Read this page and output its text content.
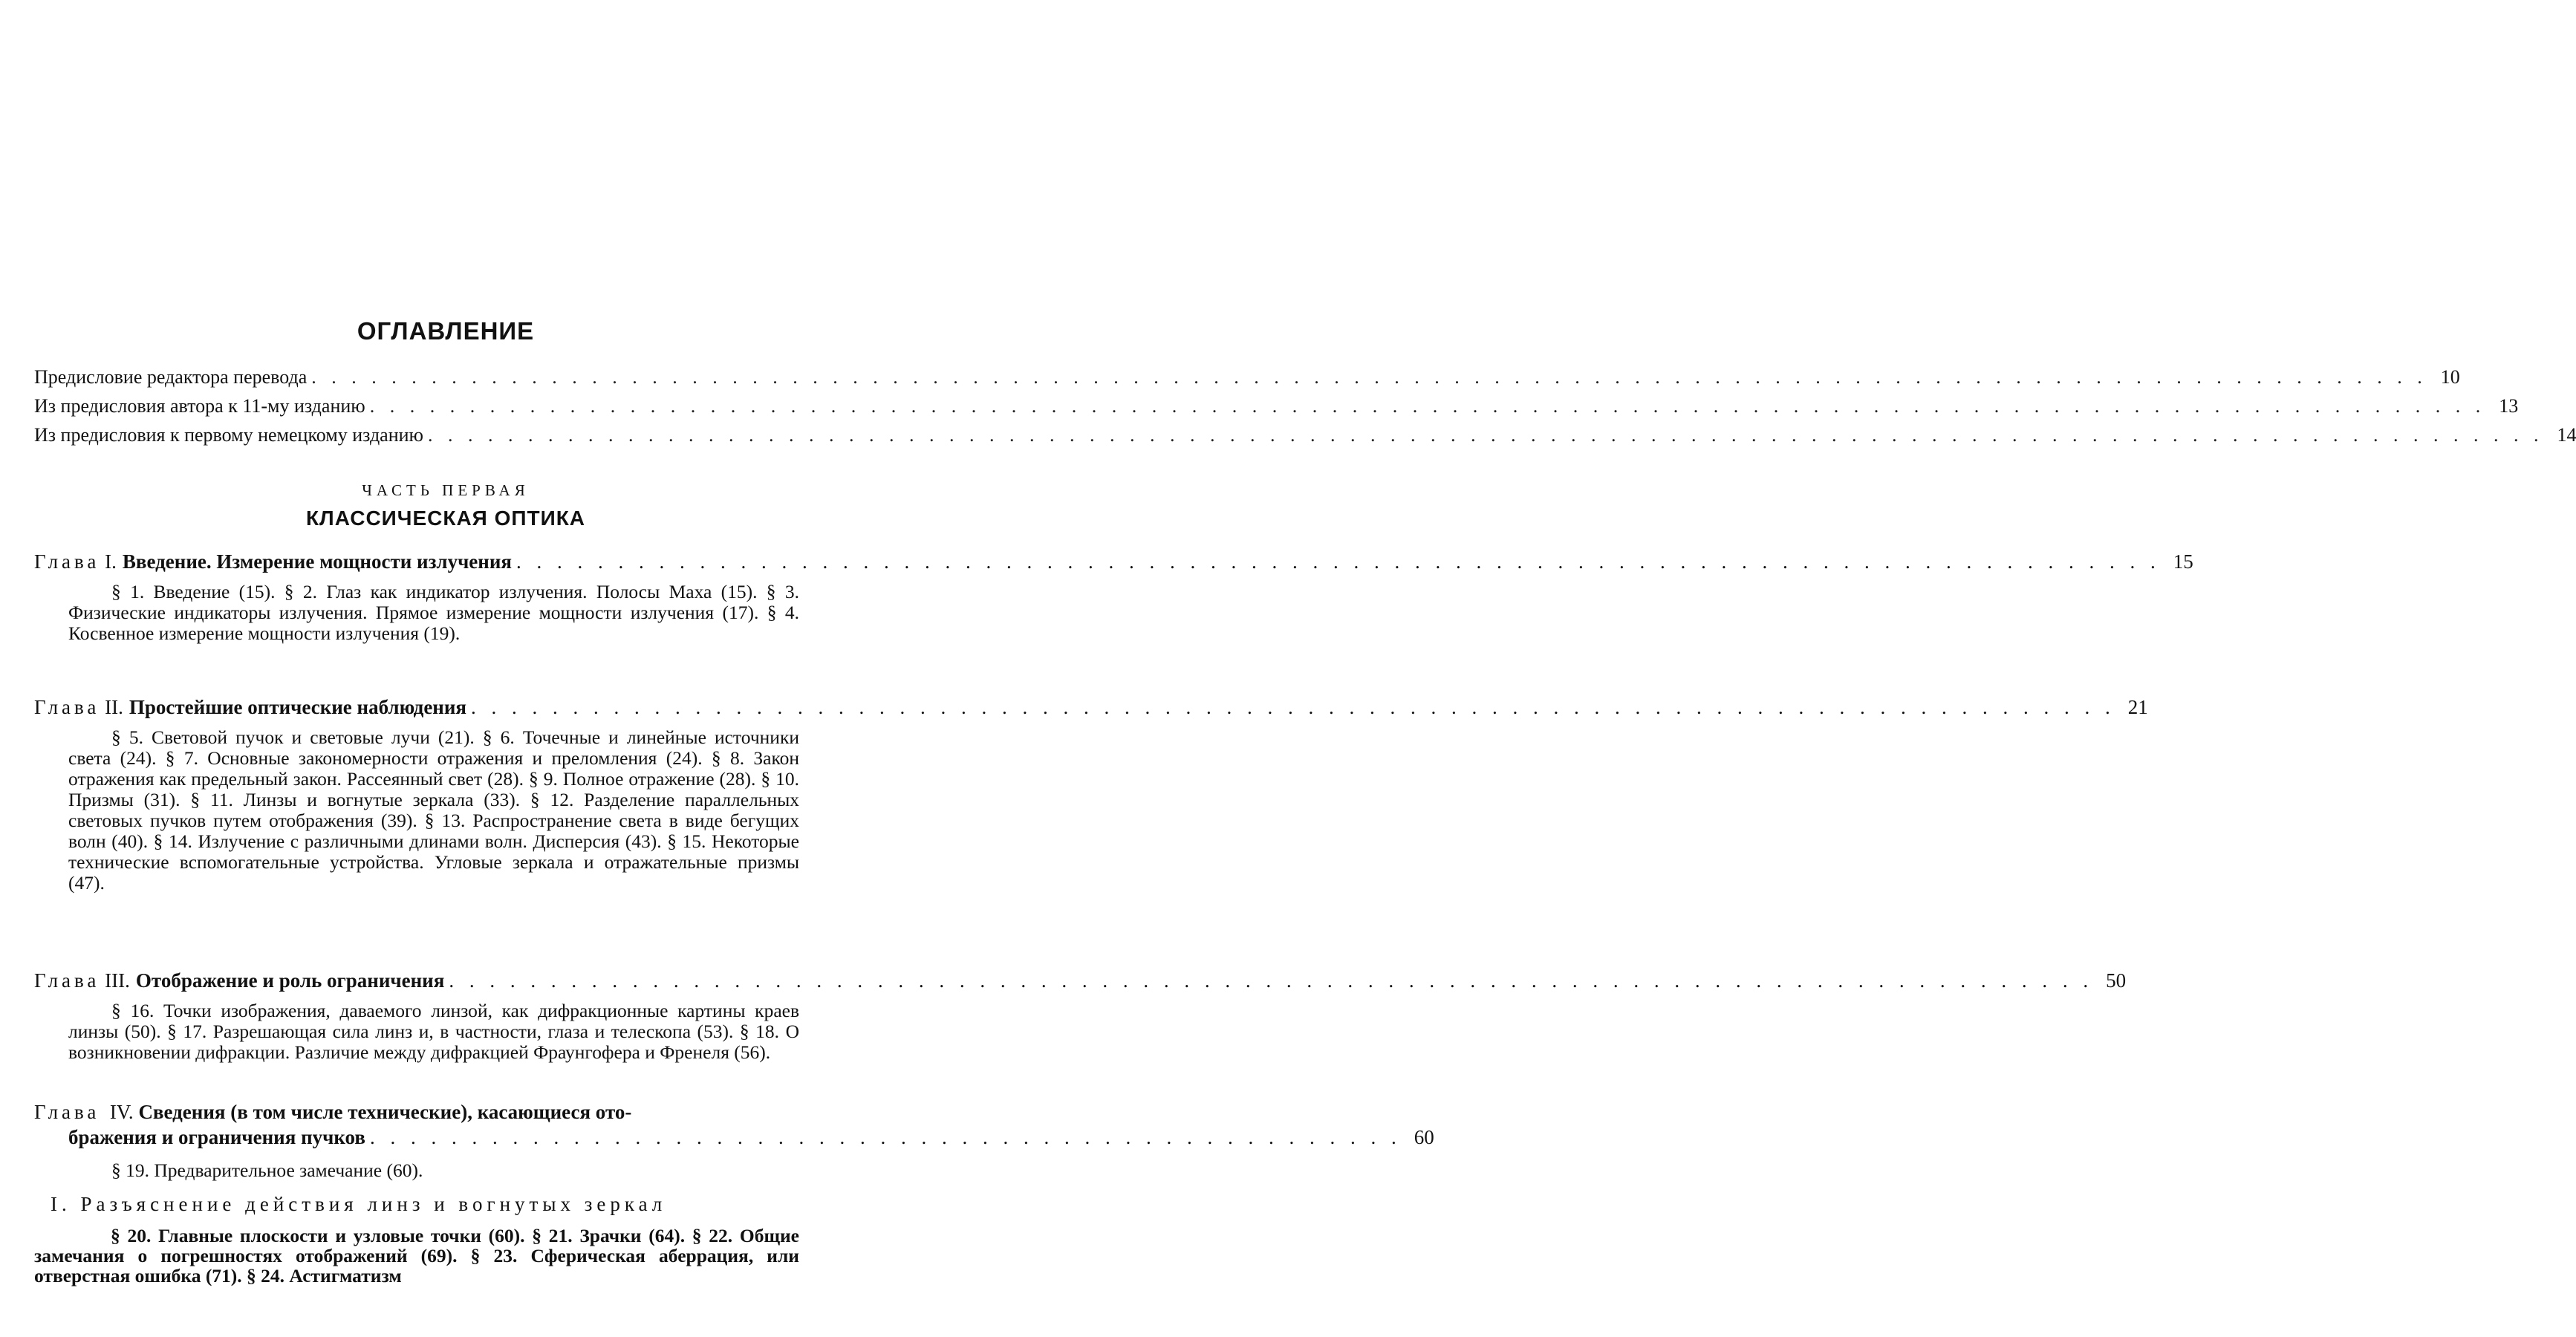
ОГЛАВЛЕНИЕ
Предисловие редактора перевода . . .	10
Из предисловия автора к 11-му изданию . . .	13
Из предисловия к первому немецкому изданию . . .	14
ЧАСТЬ ПЕРВАЯ
КЛАССИЧЕСКАЯ ОПТИКА
Глава
I. Введение. Измерение мощности излучения . . .	15
§ 1. Введение (15). § 2. Глаз как индикатор излучения. Полосы Маха (15). § 3. Физические индикаторы излучения. Прямое измерение мощности излучения (17). § 4. Косвенное измерение мощности излучения (19).
Глава
II. Простейшие оптические наблюдения . . .	21
§ 5. Световой пучок и световые лучи (21). § 6. Точечные и линейные источники света (24). § 7. Основные закономерности отражения и преломления (24). § 8. Закон отражения как предельный закон. Рассеянный свет (28). § 9. Полное отражение (28). § 10. Призмы (31). § 11. Линзы и вогнутые зеркала (33). § 12. Разделение параллельных световых пучков путем отображения (39). § 13. Распространение света в виде бегущих волн (40). § 14. Излучение с различными длинами волн. Дисперсия (43). § 15. Некоторые технические вспомогательные устройства. Угловые зеркала и отражательные призмы (47).
Глава
III. Отображение и роль ограничения . . .	50
§ 16. Точки изображения, даваемого линзой, как дифракционные картины краев линзы (50). § 17. Разрешающая сила линз и, в частности, глаза и телескопа (53). § 18. О возникновении дифракции. Различие между дифракцией Фраунгофера и Френеля (56).
Глава IV. Сведения (в том числе технические), касающиеся ото-
бражения и ограничения пучков . . . . . . . . . . . . . . . . . . . . . . . . . . . . . . . . . . . . . . . . . . . . . . . . . . . 60
§ 19. Предварительное замечание (60).
I. Разъяснение действия линз и вогнутых зеркал
§ 20. Главные плоскости и узловые точки (60). § 21. Зрачки (64). § 22. Общие замечания о погрешностях отображений (69). § 23. Сферическая аберрация, или отверстная ошибка (71). § 24. Астигматизм
